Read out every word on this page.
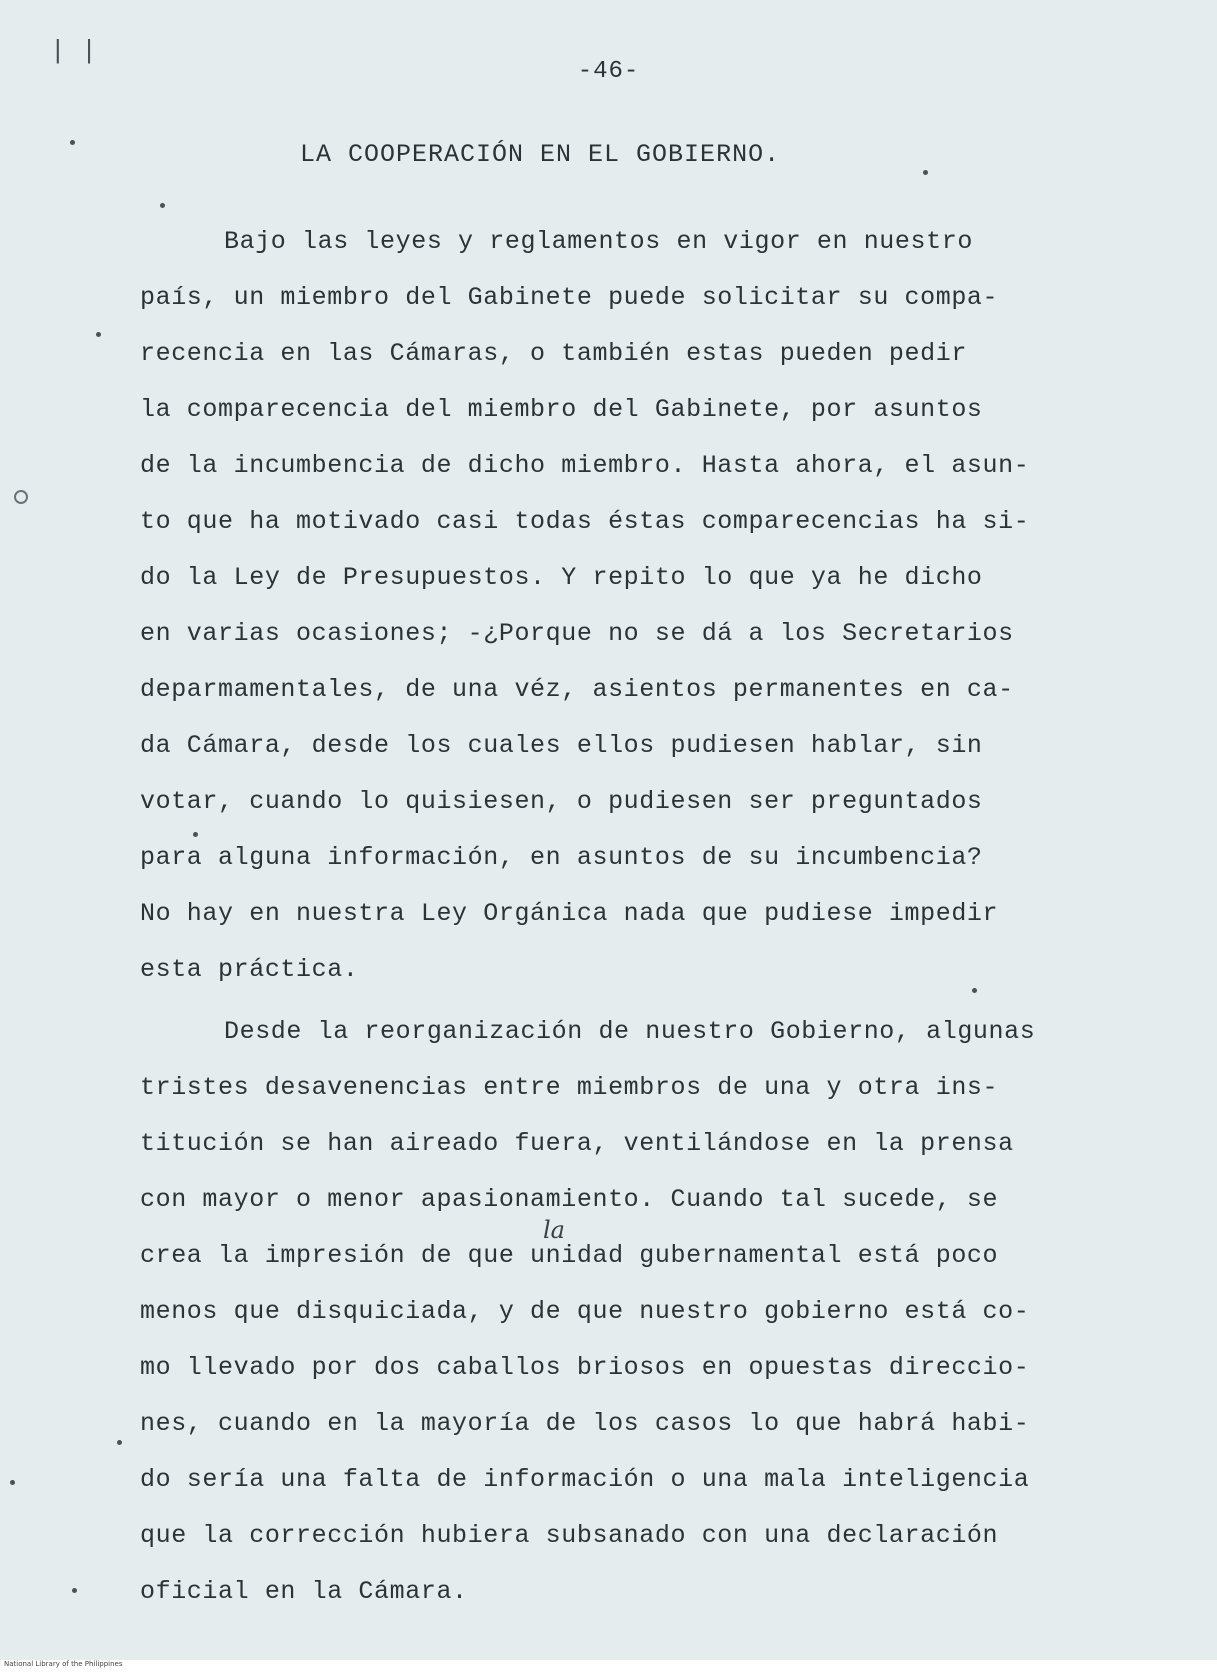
| |
-46-
LA COOPERACIÓN EN EL GOBIERNO.
Bajo las leyes y reglamentos en vigor en nuestro
país, un miembro del Gabinete puede solicitar su compa-
recencia en las Cámaras, o también estas pueden pedir
la comparecencia del miembro del Gabinete, por asuntos
de la incumbencia de dicho miembro. Hasta ahora, el asun-
to que ha motivado casi todas éstas comparecencias ha si-
do la Ley de Presupuestos. Y repito lo que ya he dicho
en varias ocasiones; -¿Porque no se dá a los Secretarios
deparmamentales, de una véz, asientos permanentes en ca-
da Cámara, desde los cuales ellos pudiesen hablar, sin
votar, cuando lo quisiesen, o pudiesen ser preguntados
para alguna información, en asuntos de su incumbencia?
No hay en nuestra Ley Orgánica nada que pudiese impedir
esta práctica.
Desde la reorganización de nuestro Gobierno, algunas
tristes desavenencias entre miembros de una y otra ins-
titución se han aireado fuera, ventilándose en la prensa
con mayor o menor apasionamiento. Cuando tal sucede, se
crea la impresión de que unidad gubernamental está poco
menos que disquiciada, y de que nuestro gobierno está co-
mo llevado por dos caballos briosos en opuestas direccio-
nes, cuando en la mayoría de los casos lo que habrá habi-
do sería una falta de información o una mala inteligencia
que la corrección hubiera subsanado con una declaración
oficial en la Cámara.
la
National Library of the Philippines
